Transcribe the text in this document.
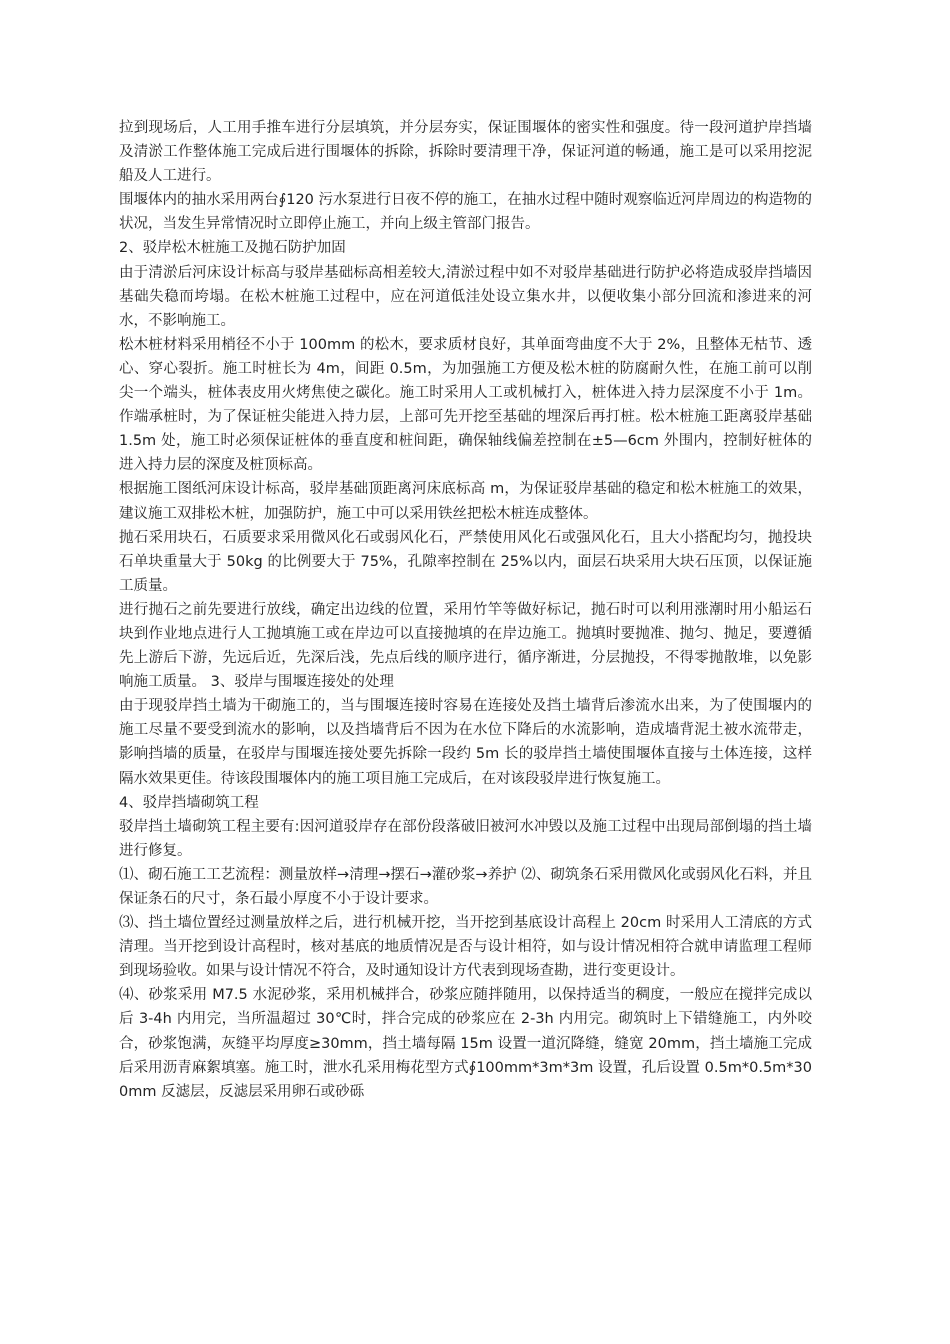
拉到现场后，人工用手推车进行分层填筑，并分层夯实，保证围堰体的密实性和强度。待一段河道护岸挡墙及清淤工作整体施工完成后进行围堰体的拆除，拆除时要清理干净，保证河道的畅通，施工是可以采用挖泥船及人工进行。

围堰体内的抽水采用两台∮120 污水泵进行日夜不停的施工，在抽水过程中随时观察临近河岸周边的构造物的状况，当发生异常情况时立即停止施工，并向上级主管部门报告。

2、驳岸松木桩施工及抛石防护加固

由于清淤后河床设计标高与驳岸基础标高相差较大,清淤过程中如不对驳岸基础进行防护必将造成驳岸挡墙因基础失稳而垮塌。在松木桩施工过程中，应在河道低洼处设立集水井，以便收集小部分回流和渗进来的河水，不影响施工。

松木桩材料采用梢径不小于 100mm 的松木，要求质材良好，其单面弯曲度不大于 2%，且整体无枯节、透心、穿心裂折。施工时桩长为 4m，间距 0.5m，为加强施工方便及松木桩的防腐耐久性，在施工前可以削尖一个端头，桩体表皮用火烤焦使之碳化。施工时采用人工或机械打入，桩体进入持力层深度不小于 1m。作端承桩时，为了保证桩尖能进入持力层，上部可先开挖至基础的埋深后再打桩。松木桩施工距离驳岸基础 1.5m 处，施工时必须保证桩体的垂直度和桩间距，确保轴线偏差控制在±5—6cm 外围内，控制好桩体的进入持力层的深度及桩顶标高。

根据施工图纸河床设计标高，驳岸基础顶距离河床底标高 m，为保证驳岸基础的稳定和松木桩施工的效果，建议施工双排松木桩，加强防护，施工中可以采用铁丝把松木桩连成整体。

抛石采用块石，石质要求采用微风化石或弱风化石，严禁使用风化石或强风化石，且大小搭配均匀，抛投块石单块重量大于 50kg 的比例要大于 75%，孔隙率控制在 25%以内，面层石块采用大块石压顶，以保证施工质量。

进行抛石之前先要进行放线，确定出边线的位置，采用竹竿等做好标记，抛石时可以利用涨潮时用小船运石块到作业地点进行人工抛填施工或在岸边可以直接抛填的在岸边施工。抛填时要抛准、抛匀、抛足，要遵循先上游后下游，先远后近，先深后浅，先点后线的顺序进行，循序渐进，分层抛投，不得零抛散堆，以免影响施工质量。 3、驳岸与围堰连接处的处理

由于现驳岸挡土墙为干砌施工的，当与围堰连接时容易在连接处及挡土墙背后渗流水出来，为了使围堰内的施工尽量不要受到流水的影响，以及挡墙背后不因为在水位下降后的水流影响，造成墙背泥土被水流带走，影响挡墙的质量，在驳岸与围堰连接处要先拆除一段约 5m 长的驳岸挡土墙使围堰体直接与土体连接，这样隔水效果更佳。待该段围堰体内的施工项目施工完成后，在对该段驳岸进行恢复施工。

4、驳岸挡墙砌筑工程

驳岸挡土墙砌筑工程主要有:因河道驳岸存在部份段落破旧被河水冲毁以及施工过程中出现局部倒塌的挡土墙进行修复。

⑴、砌石施工工艺流程：测量放样→清理→摆石→灌砂浆→养护 ⑵、砌筑条石采用微风化或弱风化石料，并且保证条石的尺寸，条石最小厚度不小于设计要求。

⑶、挡土墙位置经过测量放样之后，进行机械开挖，当开挖到基底设计高程上 20cm 时采用人工清底的方式清理。当开挖到设计高程时，核对基底的地质情况是否与设计相符，如与设计情况相符合就申请监理工程师到现场验收。如果与设计情况不符合，及时通知设计方代表到现场查勘，进行变更设计。

⑷、砂浆采用 M7.5 水泥砂浆，采用机械拌合，砂浆应随拌随用，以保持适当的稠度，一般应在搅拌完成以后 3-4h 内用完，当所温超过 30℃时，拌合完成的砂浆应在 2-3h 内用完。砌筑时上下错缝施工，内外咬合，砂浆饱满，灰缝平均厚度≥30mm，挡土墙每隔 15m 设置一道沉降缝，缝宽 20mm，挡土墙施工完成后采用沥青麻絮填塞。施工时，泄水孔采用梅花型方式∮100mm*3m*3m 设置，孔后设置 0.5m*0.5m*300mm 反滤层，反滤层采用卵石或砂砾
